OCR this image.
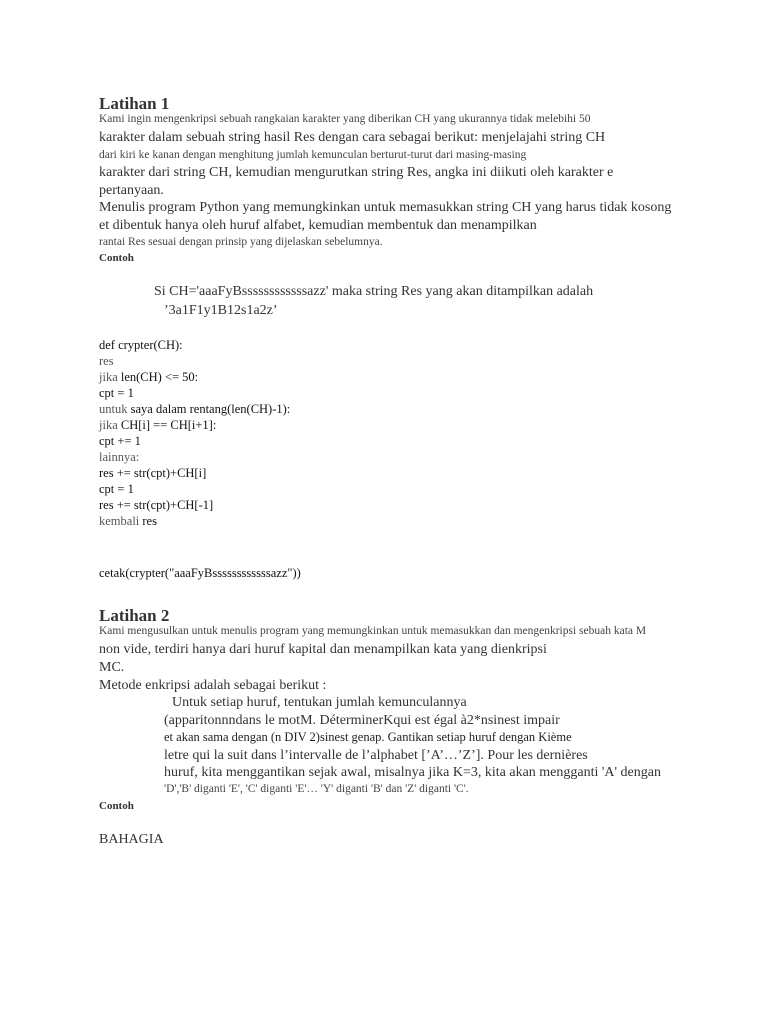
Latihan 1
Kami ingin mengenkripsi sebuah rangkaian karakter yang diberikan CH yang ukurannya tidak melebihi 50
karakter dalam sebuah string hasil Res dengan cara sebagai berikut: menjelajahi string CH
dari kiri ke kanan dengan menghitung jumlah kemunculan berturut-turut dari masing-masing
karakter dari string CH, kemudian mengurutkan string Res, angka ini diikuti oleh karakter e
pertanyaan.
Menulis program Python yang memungkinkan untuk memasukkan string CH yang harus tidak kosong
et dibentuk hanya oleh huruf alfabet, kemudian membentuk dan menampilkan
rantai Res sesuai dengan prinsip yang dijelaskan sebelumnya.
Contoh
Si CH='aaaFyBssssssssssssazz' maka string Res yang akan ditampilkan adalah
’3a1F1y1B12s1a2z’
def crypter(CH):
res
jika len(CH) <= 50:
cpt = 1
untuk saya dalam rentang(len(CH)-1):
jika CH[i] == CH[i+1]:
cpt += 1
lainnya:
res += str(cpt)+CH[i]
cpt = 1
res += str(cpt)+CH[-1]
kembali res
cetak(crypter("aaaFyBssssssssssssazz"))
Latihan 2
Kami mengusulkan untuk menulis program yang memungkinkan untuk memasukkan dan mengenkripsi sebuah kata M
non vide, terdiri hanya dari huruf kapital dan menampilkan kata yang dienkripsi
MC.
Metode enkripsi adalah sebagai berikut :
Untuk setiap huruf, tentukan jumlah kemunculannya
(apparitonnndans le motM. DéterminerKqui est égal à2*nsinest impair
et akan sama dengan (n DIV 2)sinest genap. Gantikan setiap huruf dengan Kième
letre qui la suit dans l’intervalle de l’alphabet [’A’…’Z’]. Pour les dernières
huruf, kita menggantikan sejak awal, misalnya jika K=3, kita akan mengganti 'A' dengan
'D','B' diganti 'E', 'C' diganti 'E'… 'Y' diganti 'B' dan 'Z' diganti 'C'.
Contoh
BAHAGIA
